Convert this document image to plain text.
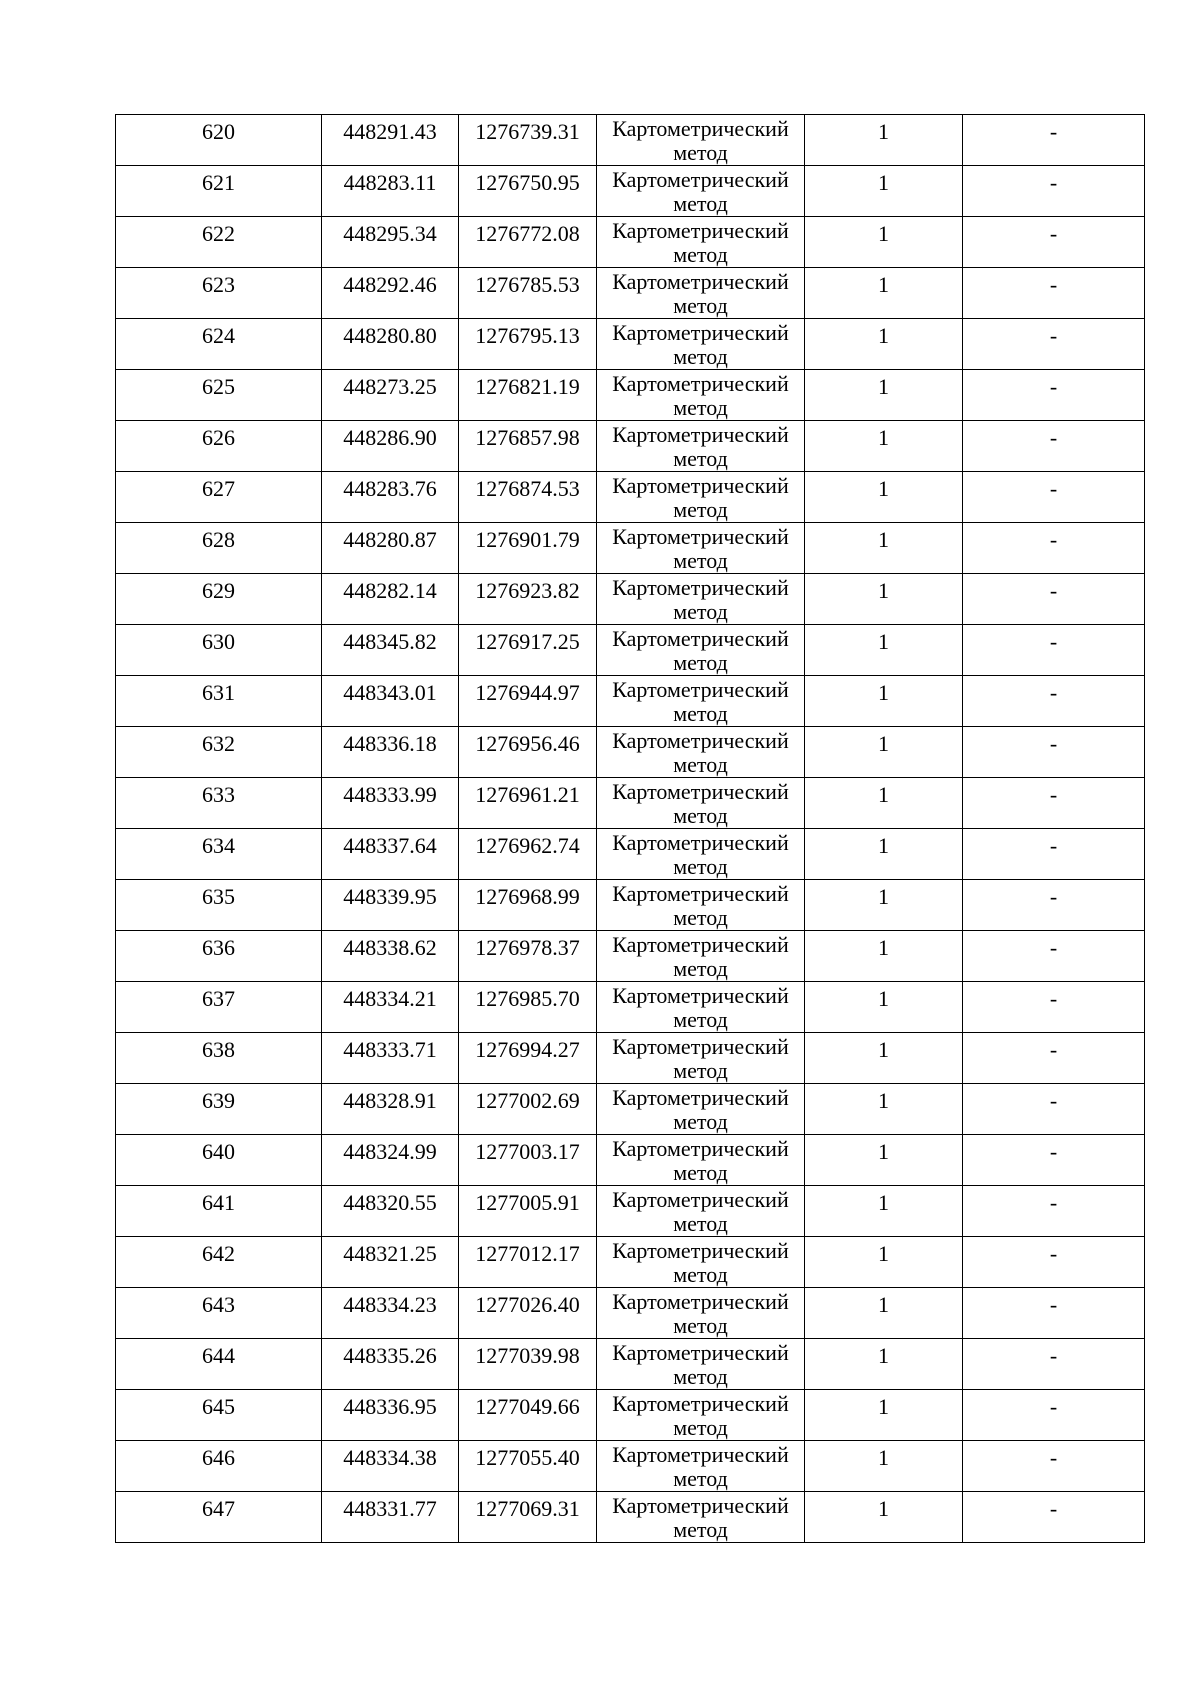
620	448291.43	1276739.31	Картометрический
метод	1	-

621	448283.11	1276750.95	Картометрический
метод	1	-

622	448295.34	1276772.08	Картометрический
метод	1	-

623	448292.46	1276785.53	Картометрический
метод	1	-

624	448280.80	1276795.13	Картометрический
метод	1	-

625	448273.25	1276821.19	Картометрический
метод	1	-

626	448286.90	1276857.98	Картометрический
метод	1	-

627	448283.76	1276874.53	Картометрический
метод	1	-

628	448280.87	1276901.79	Картометрический
метод	1	-

629	448282.14	1276923.82	Картометрический
метод	1	-

630	448345.82	1276917.25	Картометрический
метод	1	-

631	448343.01	1276944.97	Картометрический
метод	1	-

632	448336.18	1276956.46	Картометрический
метод	1	-

633	448333.99	1276961.21	Картометрический
метод	1	-

634	448337.64	1276962.74	Картометрический
метод	1	-

635	448339.95	1276968.99	Картометрический
метод	1	-

636	448338.62	1276978.37	Картометрический
метод	1	-

637	448334.21	1276985.70	Картометрический
метод	1	-

638	448333.71	1276994.27	Картометрический
метод	1	-

639	448328.91	1277002.69	Картометрический
метод	1	-

640	448324.99	1277003.17	Картометрический
метод	1	-

641	448320.55	1277005.91	Картометрический
метод	1	-

642	448321.25	1277012.17	Картометрический
метод	1	-

643	448334.23	1277026.40	Картометрический
метод	1	-

644	448335.26	1277039.98	Картометрический
метод	1	-

645	448336.95	1277049.66	Картометрический
метод	1	-

646	448334.38	1277055.40	Картометрический
метод	1	-

647	448331.77	1277069.31	Картометрический
метод	1	-
